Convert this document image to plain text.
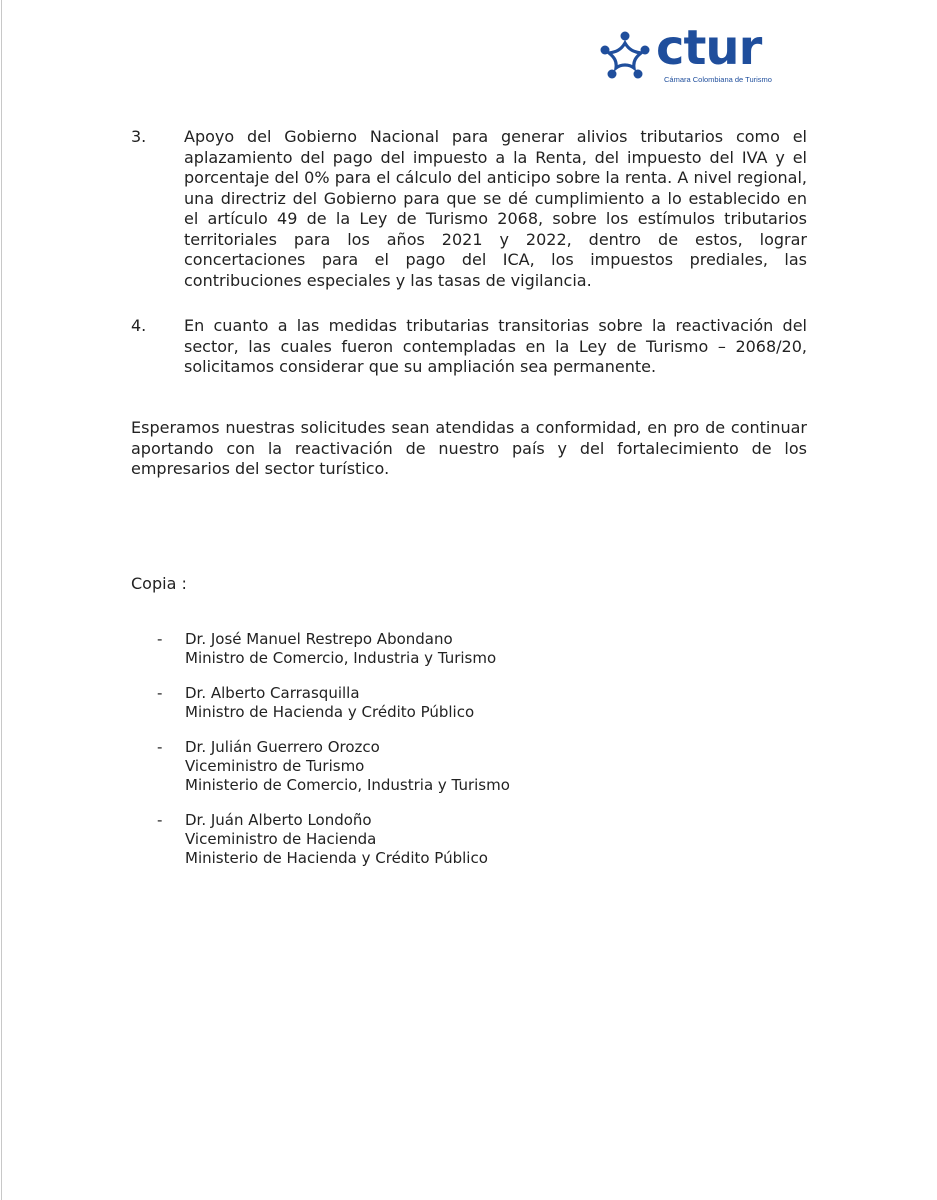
ctur
Cámara Colombiana de Turismo
3. Apoyo del Gobierno Nacional para generar alivios tributarios como el aplazamiento del pago del impuesto a la Renta, del impuesto del IVA y el porcentaje del 0% para el cálculo del anticipo sobre la renta. A nivel regional, una directriz del Gobierno para que se dé cumplimiento a lo establecido en el artículo 49 de la Ley de Turismo 2068, sobre los estímulos tributarios territoriales para los años 2021 y 2022, dentro de estos, lograr concertaciones para el pago del ICA, los impuestos prediales, las contribuciones especiales y las tasas de vigilancia.
4. En cuanto a las medidas tributarias transitorias sobre la reactivación del sector, las cuales fueron contempladas en la Ley de Turismo – 2068/20, solicitamos considerar que su ampliación sea permanente.
Esperamos nuestras solicitudes sean atendidas a conformidad, en pro de continuar aportando con la reactivación de nuestro país y del fortalecimiento de los empresarios del sector turístico.
Copia :
- Dr. José Manuel Restrepo Abondano
Ministro de Comercio, Industria y Turismo
- Dr. Alberto Carrasquilla
Ministro de Hacienda y Crédito Público
- Dr. Julián Guerrero Orozco
Viceministro de Turismo
Ministerio de Comercio, Industria y Turismo
- Dr. Juán Alberto Londoño
Viceministro de Hacienda
Ministerio de Hacienda y Crédito Público
